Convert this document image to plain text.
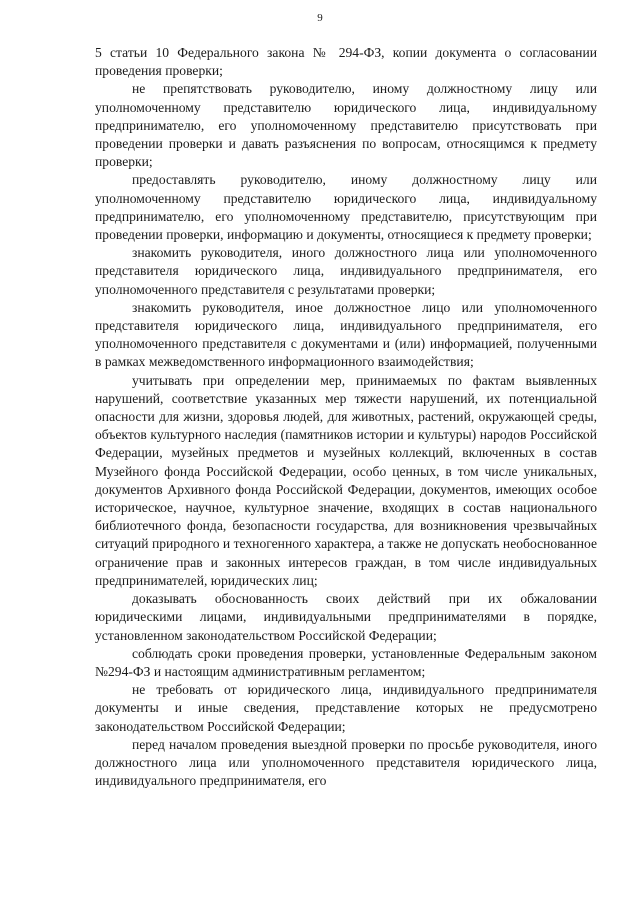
9

5 статьи 10 Федерального закона № 294-ФЗ, копии документа о согласовании проведения проверки;

не препятствовать руководителю, иному должностному лицу или уполномоченному представителю юридического лица, индивидуальному предпринимателю, его уполномоченному представителю присутствовать при проведении проверки и давать разъяснения по вопросам, относящимся к предмету проверки;

предоставлять руководителю, иному должностному лицу или уполномоченному представителю юридического лица, индивидуальному предпринимателю, его уполномоченному представителю, присутствующим при проведении проверки, информацию и документы, относящиеся к предмету проверки;

знакомить руководителя, иного должностного лица или уполномоченного представителя юридического лица, индивидуального предпринимателя, его уполномоченного представителя с результатами проверки;

знакомить руководителя, иное должностное лицо или уполномоченного представителя юридического лица, индивидуального предпринимателя, его уполномоченного представителя с документами и (или) информацией, полученными в рамках межведомственного информационного взаимодействия;

учитывать при определении мер, принимаемых по фактам выявленных нарушений, соответствие указанных мер тяжести нарушений, их потенциальной опасности для жизни, здоровья людей, для животных, растений, окружающей среды, объектов культурного наследия (памятников истории и культуры) народов Российской Федерации, музейных предметов и музейных коллекций, включенных в состав Музейного фонда Российской Федерации, особо ценных, в том числе уникальных, документов Архивного фонда Российской Федерации, документов, имеющих особое историческое, научное, культурное значение, входящих в состав национального библиотечного фонда, безопасности государства, для возникновения чрезвычайных ситуаций природного и техногенного характера, а также не допускать необоснованное ограничение прав и законных интересов граждан, в том числе индивидуальных предпринимателей, юридических лиц;

доказывать обоснованность своих действий при их обжаловании юридическими лицами, индивидуальными предпринимателями в порядке, установленном законодательством Российской Федерации;

соблюдать сроки проведения проверки, установленные Федеральным законом №294-ФЗ и настоящим административным регламентом;

не требовать от юридического лица, индивидуального предпринимателя документы и иные сведения, представление которых не предусмотрено законодательством Российской Федерации;

перед началом проведения выездной проверки по просьбе руководителя, иного должностного лица или уполномоченного представителя юридического лица, индивидуального предпринимателя, его
